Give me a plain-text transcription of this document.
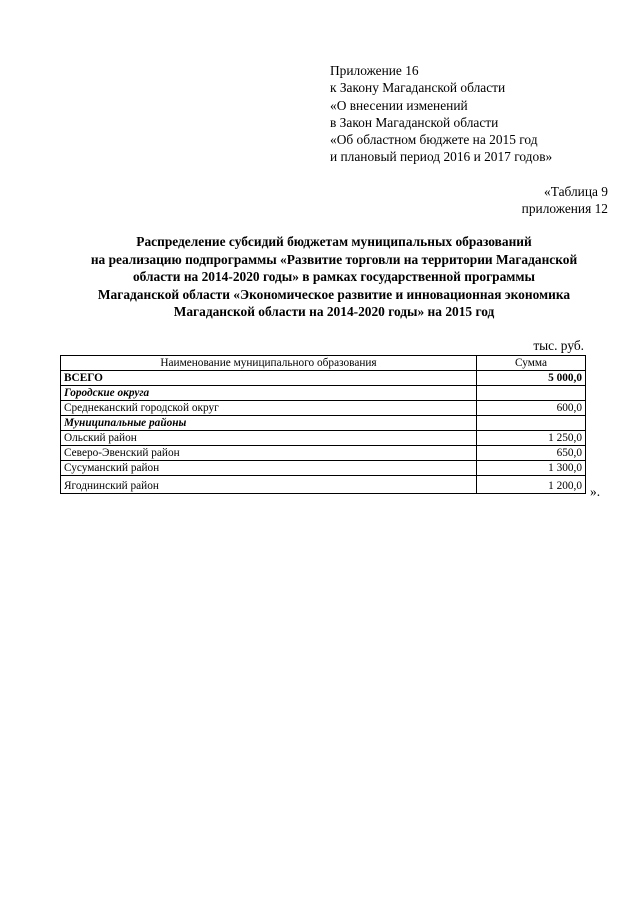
Приложение 16
к Закону Магаданской области
«О внесении изменений
в Закон Магаданской области
«Об областном бюджете на 2015 год
и плановый период 2016 и 2017 годов»
«Таблица 9
приложения 12
Распределение субсидий бюджетам муниципальных образований
на реализацию подпрограммы «Развитие торговли на территории Магаданской
области на 2014-2020 годы» в рамках государственной программы
Магаданской области «Экономическое развитие и инновационная экономика
Магаданской области на 2014-2020 годы» на 2015 год
тыс. руб.
Наименование муниципального образования	Сумма
ВСЕГО	5 000,0
Городские округа	
Среднеканский городской округ	600,0
Муниципальные районы	
Ольский район	1 250,0
Северо-Эвенский район	650,0
Сусуманский район	1 300,0
Ягоднинский район	1 200,0 ».
